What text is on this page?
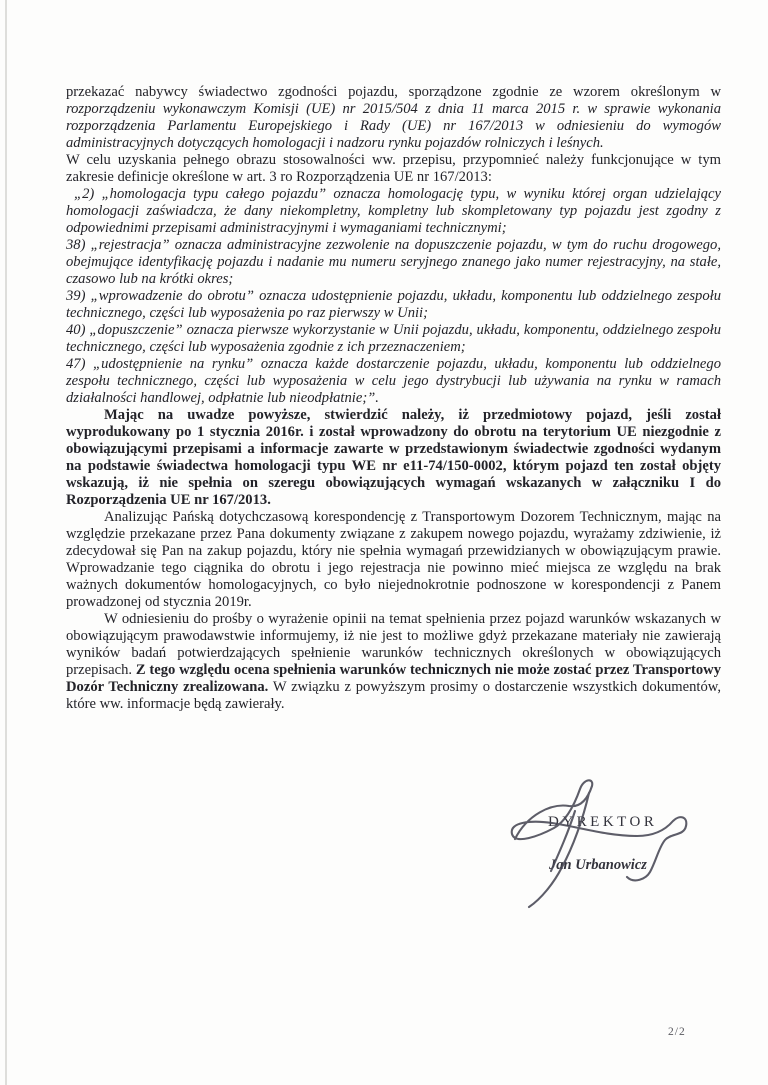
przekazać nabywcy świadectwo zgodności pojazdu, sporządzone zgodnie ze wzorem określonym w rozporządzeniu wykonawczym Komisji (UE) nr 2015/504 z dnia 11 marca 2015 r. w sprawie wykonania rozporządzenia Parlamentu Europejskiego i Rady (UE) nr 167/2013 w odniesieniu do wymogów administracyjnych dotyczących homologacji i nadzoru rynku pojazdów rolniczych i leśnych.

W celu uzyskania pełnego obrazu stosowalności ww. przepisu, przypomnieć należy funkcjonujące w tym zakresie definicje określone w art. 3 ro Rozporządzenia UE nr 167/2013:

„2) „homologacja typu całego pojazdu” oznacza homologację typu, w wyniku której organ udzielający homologacji zaświadcza, że dany niekompletny, kompletny lub skompletowany typ pojazdu jest zgodny z odpowiednimi przepisami administracyjnymi i wymaganiami technicznymi;

38) „rejestracja” oznacza administracyjne zezwolenie na dopuszczenie pojazdu, w tym do ruchu drogowego, obejmujące identyfikację pojazdu i nadanie mu numeru seryjnego znanego jako numer rejestracyjny, na stałe, czasowo lub na krótki okres;

39) „wprowadzenie do obrotu” oznacza udostępnienie pojazdu, układu, komponentu lub oddzielnego zespołu technicznego, części lub wyposażenia po raz pierwszy w Unii;

40) „dopuszczenie” oznacza pierwsze wykorzystanie w Unii pojazdu, układu, komponentu, oddzielnego zespołu technicznego, części lub wyposażenia zgodnie z ich przeznaczeniem;

47) „udostępnienie na rynku” oznacza każde dostarczenie pojazdu, układu, komponentu lub oddzielnego zespołu technicznego, części lub wyposażenia w celu jego dystrybucji lub używania na rynku w ramach działalności handlowej, odpłatnie lub nieodpłatnie;”.

Mając na uwadze powyższe, stwierdzić należy, iż przedmiotowy pojazd, jeśli został wyprodukowany po 1 stycznia 2016r. i został wprowadzony do obrotu na terytorium UE niezgodnie z obowiązującymi przepisami a informacje zawarte w przedstawionym świadectwie zgodności wydanym na podstawie świadectwa homologacji typu WE nr e11-74/150-0002, którym pojazd ten został objęty wskazują, iż nie spełnia on szeregu obowiązujących wymagań wskazanych w załączniku I do Rozporządzenia UE nr 167/2013.

Analizując Pańską dotychczasową korespondencję z Transportowym Dozorem Technicznym, mając na względzie przekazane przez Pana dokumenty związane z zakupem nowego pojazdu, wyrażamy zdziwienie, iż zdecydował się Pan na zakup pojazdu, który nie spełnia wymagań przewidzianych w obowiązującym prawie. Wprowadzanie tego ciągnika do obrotu i jego rejestracja nie powinno mieć miejsca ze względu na brak ważnych dokumentów homologacyjnych, co było niejednokrotnie podnoszone w korespondencji z Panem prowadzonej od stycznia 2019r.

W odniesieniu do prośby o wyrażenie opinii na temat spełnienia przez pojazd warunków wskazanych w obowiązującym prawodawstwie informujemy, iż nie jest to możliwe gdyż przekazane materiały nie zawierają wyników badań potwierdzających spełnienie warunków technicznych określonych w obowiązujących przepisach. Z tego względu ocena spełnienia warunków technicznych nie może zostać przez Transportowy Dozór Techniczny zrealizowana. W związku z powyższym prosimy o dostarczenie wszystkich dokumentów, które ww. informacje będą zawierały.

DYREKTOR
Jan Urbanowicz
2/2
